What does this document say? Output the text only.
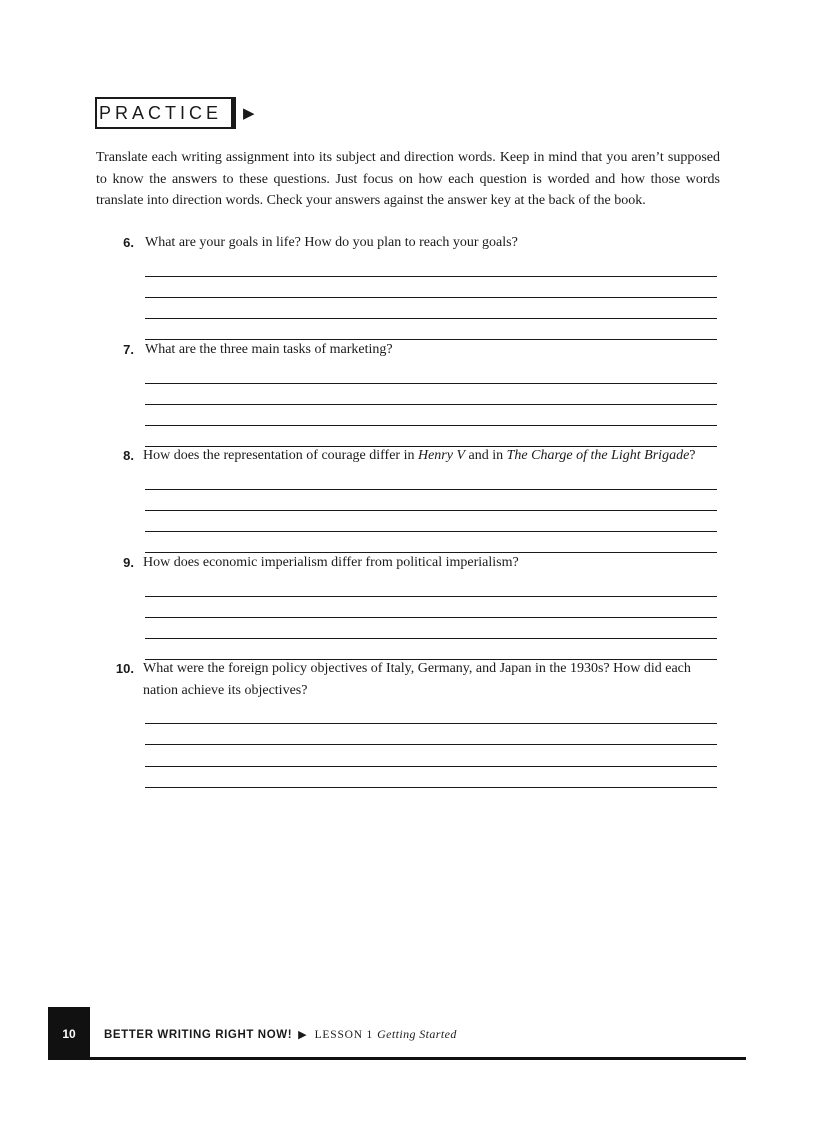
PRACTICE	▶

Translate each writing assignment into its subject and direction words. Keep in mind that you aren’t supposed to know the answers to these questions. Just focus on how each question is worded and how those words translate into direction words. Check your answers against the answer key at the back of the book.

6. What are your goals in life? How do you plan to reach your goals?
7. What are the three main tasks of marketing?
8. How does the representation of courage differ in Henry V and in The Charge of the Light Brigade?
9. How does economic imperialism differ from political imperialism?
10. What were the foreign policy objectives of Italy, Germany, and Japan in the 1930s? How did each nation achieve its objectives?
10	BETTER WRITING RIGHT NOW! ▶ LESSON 1 Getting Started
